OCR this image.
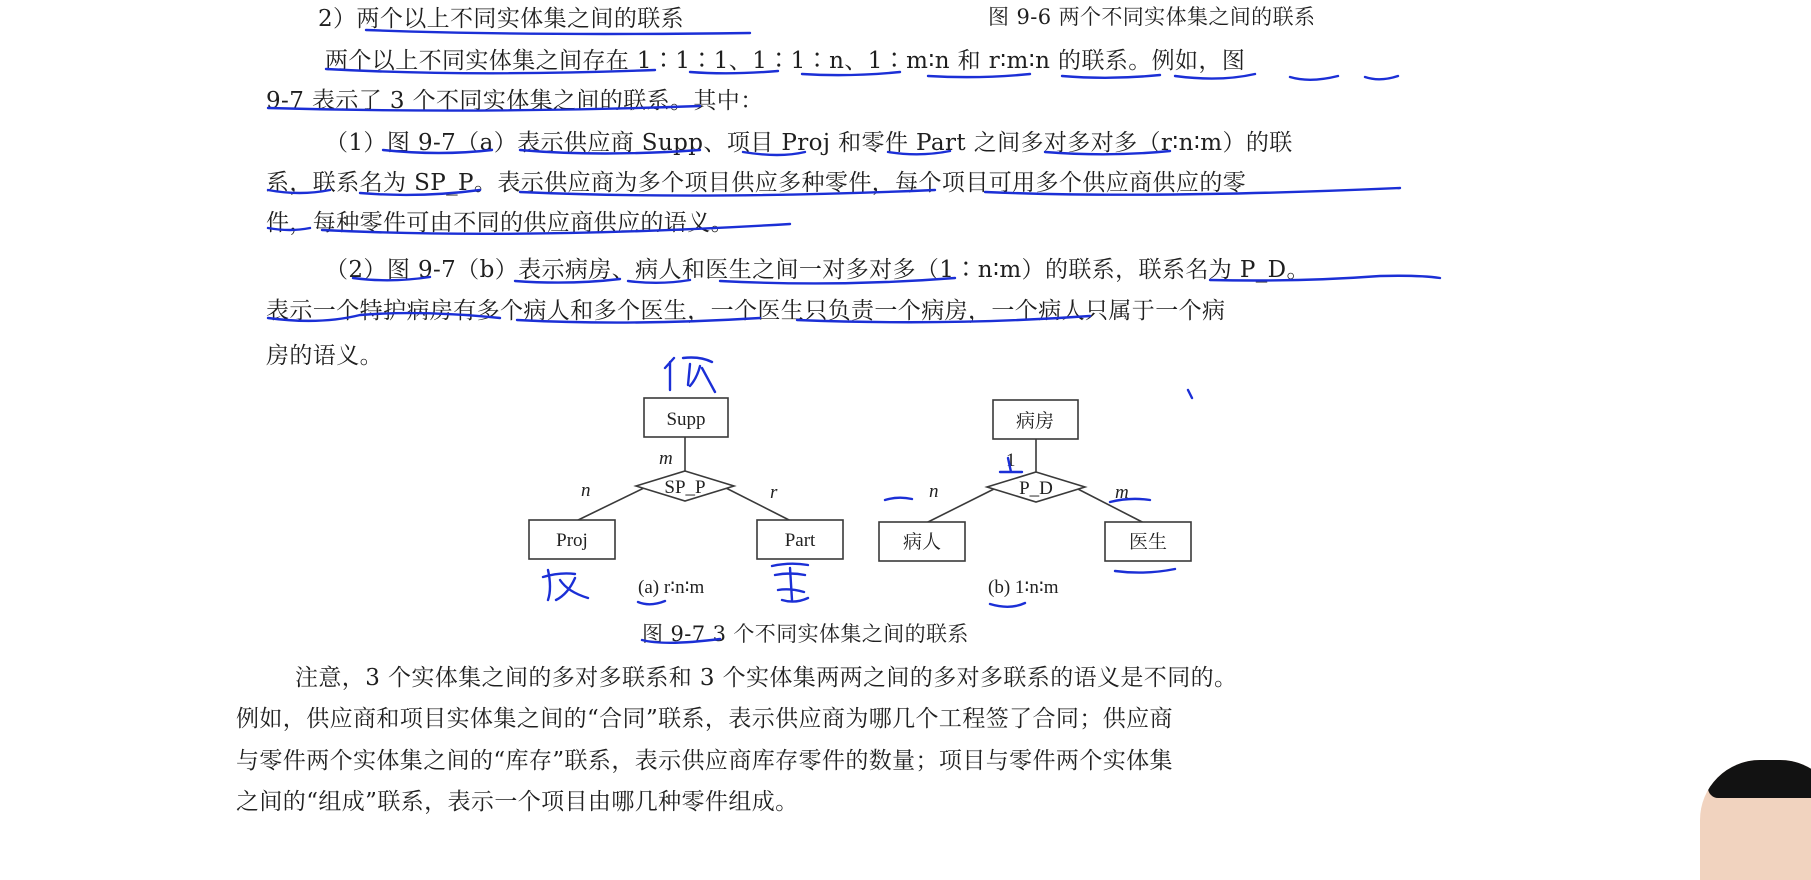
2）两个以上不同实体集之间的联系	图 9-6 两个不同实体集之间的联系
两个以上不同实体集之间存在 1∶1∶1、1∶1∶n、1∶m∶n 和 r∶m∶n 的联系。例如，图
9-7 表示了 3 个不同实体集之间的联系。其中：
（1）图 9-7（a）表示供应商 Supp、项目 Proj 和零件 Part 之间多对多对多（r∶n∶m）的联
系，联系名为 SP_P。表示供应商为多个项目供应多种零件，每个项目可用多个供应商供应的零
件，每种零件可由不同的供应商供应的语义。
（2）图 9-7（b）表示病房、病人和医生之间一对多对多（1∶n∶m）的联系，联系名为 P_D。
表示一个特护病房有多个病人和多个医生，一个医生只负责一个病房，一个病人只属于一个病
房的语义。
Supp
SP_P
Proj	Part
m
n	r
(a) r∶n∶m
病房
P_D
病人	医生
1
n	m
(b) 1∶n∶m
图 9-7 3 个不同实体集之间的联系
注意，3 个实体集之间的多对多联系和 3 个实体集两两之间的多对多联系的语义是不同的。
例如，供应商和项目实体集之间的“合同”联系，表示供应商为哪几个工程签了合同；供应商
与零件两个实体集之间的“库存”联系，表示供应商库存零件的数量；项目与零件两个实体集
之间的“组成”联系，表示一个项目由哪几种零件组成。
